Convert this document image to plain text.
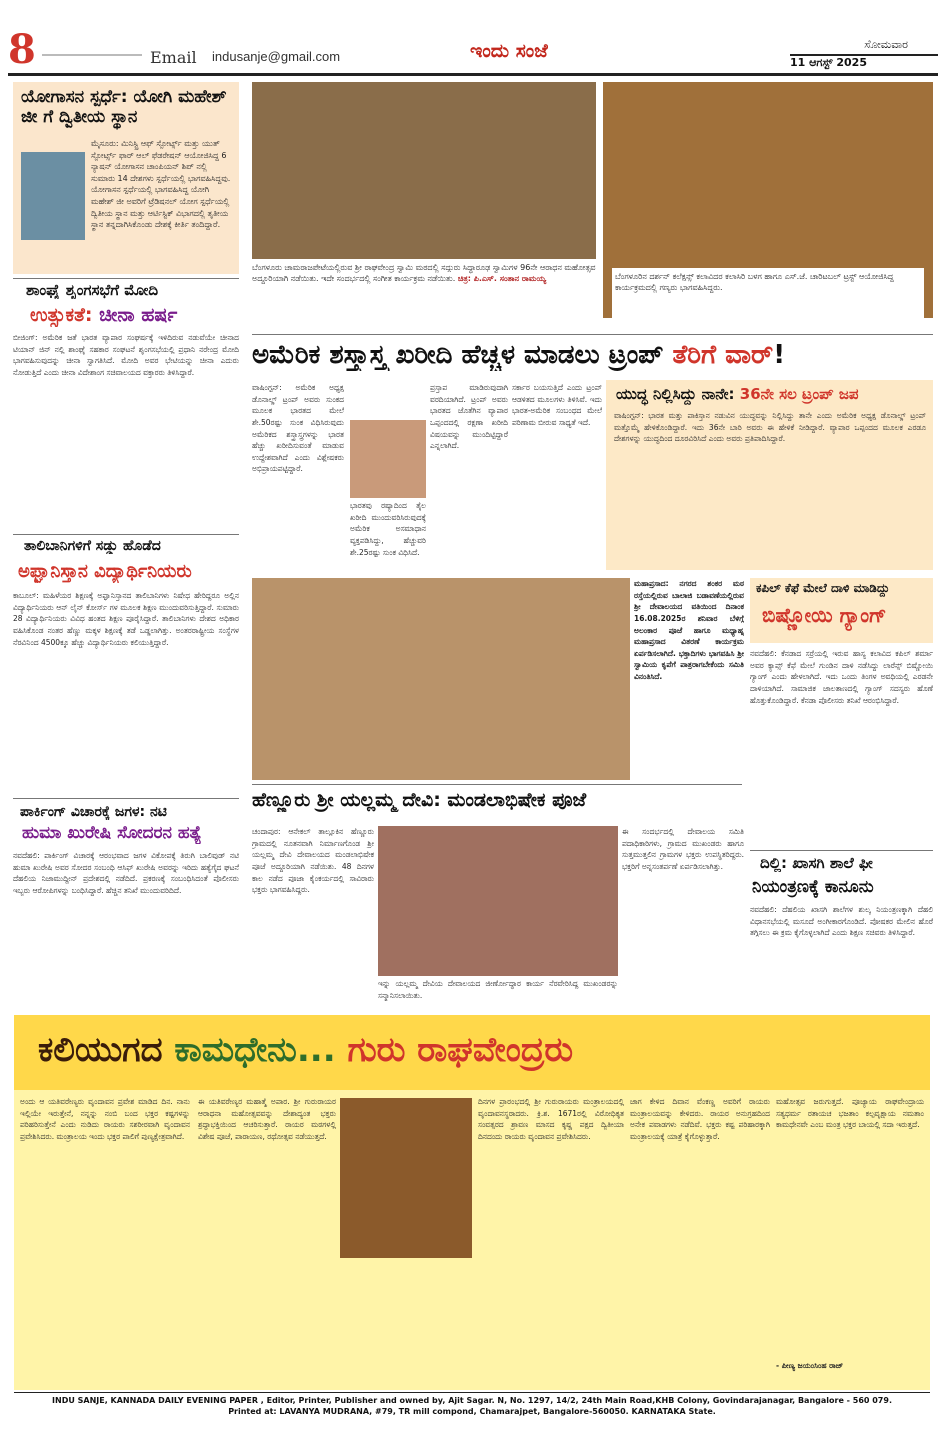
8	Email indusanje@gmail.com	ಇಂದು ಸಂಜೆ	ಸೋಮವಾರ
11 ಆಗಸ್ಟ್ 2025
ಯೋಗಾಸನ ಸ್ಪರ್ಧೆ: ಯೋಗಿ ಮಹೇಶ್ ಜೀ ಗೆ ದ್ವಿತೀಯ ಸ್ಥಾನ
ಮೈಸೂರು: ಮಿನಿಸ್ಟ್ರಿ ಆಫ್ ಸ್ಪೋರ್ಟ್ಸ್ ಮತ್ತು ಯುತ್ ಸ್ಪೋರ್ಟ್ಸ್ ಫಾರ್ ಆಲ್ ಫೆಡರೇಷನ್ ಆಯೋಜಿಸಿದ್ದ 6 ನ್ಯಾಷನ್ ಯೋಗಾಸನ ಚಾಂಪಿಯನ್ ಶಿಪ್ ನಲ್ಲಿ ಸುಮಾರು 14 ದೇಶಗಳು ಸ್ಪರ್ಧೆಯಲ್ಲಿ ಭಾಗವಹಿಸಿದ್ದವು. ಯೋಗಾಸನ ಸ್ಪರ್ಧೆಯಲ್ಲಿ ಭಾಗವಹಿಸಿದ್ದ ಯೋಗಿ ಮಹೇಶ್ ಜೀ ಅವರಿಗೆ ಟ್ರೆಡಿಷನಲ್ ಯೋಗ ಸ್ಪರ್ಧೆಯಲ್ಲಿ ದ್ವಿತೀಯ ಸ್ಥಾನ ಮತ್ತು ಆರ್ಟಿಸ್ಟಿಕ್ ವಿಭಾಗದಲ್ಲಿ ತೃತೀಯ ಸ್ಥಾನ ತನ್ನದಾಗಿಸಿಕೊಂಡು ದೇಶಕ್ಕೆ ಕೀರ್ತಿ ತಂದಿದ್ದಾರೆ.
ಬೆಂಗಳೂರು ಚಾಮರಾಜಪೇಟೆಯಲ್ಲಿರುವ ಶ್ರೀ ರಾಘವೇಂದ್ರ ಸ್ವಾಮಿ ಮಠದಲ್ಲಿ ಸದ್ಗುರು ಸಿದ್ಧಾರೂಢ ಸ್ವಾಮಿಗಳ 96ನೇ ಆರಾಧನ ಮಹೋತ್ಸವ ಅದ್ದೂರಿಯಾಗಿ ನಡೆಯಿತು. ಇದೇ ಸಂದರ್ಭದಲ್ಲಿ ಸಂಗೀತ ಕಾರ್ಯಕ್ರಮ ನಡೆಯಿತು. ಚಿತ್ರ: ಪಿ.ಎಸ್. ಸಂತಾನ ರಾಮಯ್ಯ	ಬೆಂಗಳೂರಿನ ದರ್ಶನ್ ಕಲೆಕ್ಷನ್ಸ್ ಕಲಾವಿದರ ಕಲಾಸಿರಿ ಬಳಗ ಹಾಗೂ ಎಸ್.ಜೆ. ಚಾರಿಟಬಲ್ ಟ್ರಸ್ಟ್ ಆಯೋಜಿಸಿದ್ದ ಕಾರ್ಯಕ್ರಮದಲ್ಲಿ ಗಣ್ಯರು ಭಾಗವಹಿಸಿದ್ದರು.
ಶಾಂಘೈ ಶೃಂಗಸಭೆಗೆ ಮೋದಿ
ಉತ್ಸುಕತೆ: ಚೀನಾ ಹರ್ಷ
ಬೀಜಿಂಗ್: ಅಮೆರಿಕ ಜತೆ ಭಾರತ ವ್ಯಾಪಾರ ಸಂಘರ್ಷಕ್ಕೆ ಇಳಿದಿರುವ ನಡುವೆಯೇ ಚೀನಾದ ಟಿಯಾನ್ ಜಿನ್ ನಲ್ಲಿ ಶಾಂಘೈ ಸಹಕಾರ ಸಂಘಟನೆ ಶೃಂಗಸಭೆಯಲ್ಲಿ ಪ್ರಧಾನಿ ನರೇಂದ್ರ ಮೋದಿ ಭಾಗವಹಿಸುವುದನ್ನು ಚೀನಾ ಸ್ವಾಗತಿಸಿದೆ. ಮೋದಿ ಅವರ ಭೇಟಿಯನ್ನು ಚೀನಾ ಎದುರು ನೋಡುತ್ತಿದೆ ಎಂದು ಚೀನಾ ವಿದೇಶಾಂಗ ಸಚಿವಾಲಯದ ವಕ್ತಾರರು ತಿಳಿಸಿದ್ದಾರೆ.
ತಾಲಿಬಾನಿಗಳಿಗೆ ಸಡ್ಡು ಹೊಡೆದ
ಅಫ್ಘಾನಿಸ್ತಾನ ವಿದ್ಯಾರ್ಥಿನಿಯರು
ಕಾಬೂಲ್: ಮಹಿಳೆಯರ ಶಿಕ್ಷಣಕ್ಕೆ ಅಫ್ಘಾನಿಸ್ತಾನದ ತಾಲಿಬಾನಿಗಳು ನಿಷೇಧ ಹೇರಿದ್ದರೂ ಅಲ್ಲಿನ ವಿದ್ಯಾರ್ಥಿನಿಯರು ಆನ್ ಲೈನ್ ಕೋರ್ಸ್ ಗಳ ಮೂಲಕ ಶಿಕ್ಷಣ ಮುಂದುವರಿಸುತ್ತಿದ್ದಾರೆ. ಸುಮಾರು 28 ವಿದ್ಯಾರ್ಥಿನಿಯರು ವಿವಿಧ ಹಂತದ ಶಿಕ್ಷಣ ಪೂರೈಸಿದ್ದಾರೆ. ತಾಲಿಬಾನಿಗಳು ದೇಶದ ಅಧಿಕಾರ ವಹಿಸಿಕೊಂಡ ನಂತರ ಹೆಣ್ಣು ಮಕ್ಕಳ ಶಿಕ್ಷಣಕ್ಕೆ ತಡೆ ಒಡ್ಡಲಾಗಿತ್ತು. ಅಂತರರಾಷ್ಟ್ರೀಯ ಸಂಸ್ಥೆಗಳ ನೆರವಿನಿಂದ 4500ಕ್ಕೂ ಹೆಚ್ಚು ವಿದ್ಯಾರ್ಥಿನಿಯರು ಕಲಿಯುತ್ತಿದ್ದಾರೆ.
ಪಾರ್ಕಿಂಗ್ ವಿಚಾರಕ್ಕೆ ಜಗಳ: ನಟಿ
ಹುಮಾ ಖುರೇಷಿ ಸೋದರನ ಹತ್ಯೆ
ನವದೆಹಲಿ: ಪಾರ್ಕಿಂಗ್ ವಿಚಾರಕ್ಕೆ ಆರಂಭವಾದ ಜಗಳ ವಿಕೋಪಕ್ಕೆ ತಿರುಗಿ ಬಾಲಿವುಡ್ ನಟಿ ಹುಮಾ ಖುರೇಷಿ ಅವರ ಸೋದರ ಸಂಬಂಧಿ ಆಸಿಫ್ ಖುರೇಷಿ ಅವರನ್ನು ಇರಿದು ಹತ್ಯೆಗೈದ ಘಟನೆ ದೆಹಲಿಯ ನಿಜಾಮುದ್ದೀನ್ ಪ್ರದೇಶದಲ್ಲಿ ನಡೆದಿದೆ. ಪ್ರಕರಣಕ್ಕೆ ಸಂಬಂಧಿಸಿದಂತೆ ಪೊಲೀಸರು ಇಬ್ಬರು ಆರೋಪಿಗಳನ್ನು ಬಂಧಿಸಿದ್ದಾರೆ. ಹೆಚ್ಚಿನ ತನಿಖೆ ಮುಂದುವರಿದಿದೆ.
ಅಮೆರಿಕ ಶಸ್ತ್ರಾಸ್ತ್ರ ಖರೀದಿ ಹೆಚ್ಚಳ ಮಾಡಲು ಟ್ರಂಪ್ ತೆರಿಗೆ ವಾರ್!
ವಾಷಿಂಗ್ಟನ್: ಅಮೆರಿಕ ಅಧ್ಯಕ್ಷ ಡೊನಾಲ್ಡ್ ಟ್ರಂಪ್ ಅವರು ಸುಂಕದ ಮೂಲಕ ಭಾರತದ ಮೇಲೆ ಶೇ.50ರಷ್ಟು ಸುಂಕ ವಿಧಿಸಿರುವುದು ಅಮೆರಿಕದ ಶಸ್ತ್ರಾಸ್ತ್ರಗಳನ್ನು ಭಾರತ ಹೆಚ್ಚು ಖರೀದಿಸುವಂತೆ ಮಾಡುವ ಉದ್ದೇಶವಾಗಿದೆ ಎಂದು ವಿಶ್ಲೇಷಕರು ಅಭಿಪ್ರಾಯಪಟ್ಟಿದ್ದಾರೆ.
ಪ್ರಸ್ತಾಪ ಮಾಡಿರುವುದಾಗಿ ವರದಿಯಾಗಿದೆ. ಟ್ರಂಪ್ ಅವರು ಭಾರತದ ಜೊತೆಗಿನ ವ್ಯಾಪಾರ ಒಪ್ಪಂದದಲ್ಲಿ ರಕ್ಷಣಾ ಖರೀದಿ ವಿಷಯವನ್ನು ಮುಂದಿಟ್ಟಿದ್ದಾರೆ ಎನ್ನಲಾಗಿದೆ.
ಭಾರತವು ರಷ್ಯಾದಿಂದ ತೈಲ ಖರೀದಿ ಮುಂದುವರಿಸಿರುವುದಕ್ಕೆ ಅಮೆರಿಕ ಅಸಮಾಧಾನ ವ್ಯಕ್ತಪಡಿಸಿದ್ದು, ಹೆಚ್ಚುವರಿ ಶೇ.25ರಷ್ಟು ಸುಂಕ ವಿಧಿಸಿದೆ.
ಸರ್ಕಾರ ಬಯಸುತ್ತಿದೆ ಎಂದು ಟ್ರಂಪ್ ಆಡಳಿತದ ಮೂಲಗಳು ತಿಳಿಸಿವೆ. ಇದು ಭಾರತ-ಅಮೆರಿಕ ಸಂಬಂಧದ ಮೇಲೆ ಪರಿಣಾಮ ಬೀರುವ ಸಾಧ್ಯತೆ ಇದೆ.
ಯುದ್ಧ ನಿಲ್ಲಿಸಿದ್ದು ನಾನೇ: 36ನೇ ಸಲ ಟ್ರಂಪ್ ಜಪ
ವಾಷಿಂಗ್ಟನ್: ಭಾರತ ಮತ್ತು ಪಾಕಿಸ್ತಾನ ನಡುವಿನ ಯುದ್ಧವನ್ನು ನಿಲ್ಲಿಸಿದ್ದು ತಾನೇ ಎಂದು ಅಮೆರಿಕ ಅಧ್ಯಕ್ಷ ಡೊನಾಲ್ಡ್ ಟ್ರಂಪ್ ಮತ್ತೊಮ್ಮೆ ಹೇಳಿಕೊಂಡಿದ್ದಾರೆ. ಇದು 36ನೇ ಬಾರಿ ಅವರು ಈ ಹೇಳಿಕೆ ನೀಡಿದ್ದಾರೆ. ವ್ಯಾಪಾರ ಒಪ್ಪಂದದ ಮೂಲಕ ಎರಡೂ ದೇಶಗಳನ್ನು ಯುದ್ಧದಿಂದ ದೂರವಿರಿಸಿದೆ ಎಂದು ಅವರು ಪ್ರತಿಪಾದಿಸಿದ್ದಾರೆ.
ಮಹಾಪ್ರಸಾದ: ನಗರದ ಶಂಕರ ಮಠ ರಸ್ತೆಯಲ್ಲಿರುವ ಬಾಲಾಜಿ ಬಡಾವಣೆಯಲ್ಲಿರುವ ಶ್ರೀ ದೇವಾಲಯದ ವತಿಯಿಂದ ದಿನಾಂಕ 16.08.2025ರ ಶನಿವಾರ ಬೆಳಿಗ್ಗೆ ಅಲಂಕಾರ ಪೂಜೆ ಹಾಗೂ ಮಧ್ಯಾಹ್ನ ಮಹಾಪ್ರಸಾದ ವಿತರಣೆ ಕಾರ್ಯಕ್ರಮ ಏರ್ಪಡಿಸಲಾಗಿದೆ. ಭಕ್ತಾದಿಗಳು ಭಾಗವಹಿಸಿ ಶ್ರೀ ಸ್ವಾಮಿಯ ಕೃಪೆಗೆ ಪಾತ್ರರಾಗಬೇಕೆಂದು ಸಮಿತಿ ವಿನಂತಿಸಿದೆ.
ಕಪಿಲ್ ಕೆಫೆ ಮೇಲೆ ದಾಳಿ ಮಾಡಿದ್ದು
ಬಿಷ್ಣೋಯಿ ಗ್ಯಾಂಗ್
ನವದೆಹಲಿ: ಕೆನಡಾದ ಸರ್ರೆಯಲ್ಲಿ ಇರುವ ಹಾಸ್ಯ ಕಲಾವಿದ ಕಪಿಲ್ ಶರ್ಮಾ ಅವರ ಕ್ಯಾಪ್ಸ್ ಕೆಫೆ ಮೇಲೆ ಗುಂಡಿನ ದಾಳಿ ನಡೆಸಿದ್ದು ಲಾರೆನ್ಸ್ ಬಿಷ್ಣೋಯಿ ಗ್ಯಾಂಗ್ ಎಂದು ಹೇಳಲಾಗಿದೆ. ಇದು ಒಂದು ತಿಂಗಳ ಅವಧಿಯಲ್ಲಿ ಎರಡನೇ ದಾಳಿಯಾಗಿದೆ. ಸಾಮಾಜಿಕ ಜಾಲತಾಣದಲ್ಲಿ ಗ್ಯಾಂಗ್ ಸದಸ್ಯರು ಹೊಣೆ ಹೊತ್ತುಕೊಂಡಿದ್ದಾರೆ. ಕೆನಡಾ ಪೊಲೀಸರು ತನಿಖೆ ಆರಂಭಿಸಿದ್ದಾರೆ.
ದಿಲ್ಲಿ: ಖಾಸಗಿ ಶಾಲೆ ಫೀ
ನಿಯಂತ್ರಣಕ್ಕೆ ಕಾನೂನು
ನವದೆಹಲಿ: ದೆಹಲಿಯ ಖಾಸಗಿ ಶಾಲೆಗಳ ಶುಲ್ಕ ನಿಯಂತ್ರಣಕ್ಕಾಗಿ ದೆಹಲಿ ವಿಧಾನಸಭೆಯಲ್ಲಿ ಮಸೂದೆ ಅಂಗೀಕಾರಗೊಂಡಿದೆ. ಪೋಷಕರ ಮೇಲಿನ ಹೊರೆ ತಗ್ಗಿಸಲು ಈ ಕ್ರಮ ಕೈಗೊಳ್ಳಲಾಗಿದೆ ಎಂದು ಶಿಕ್ಷಣ ಸಚಿವರು ತಿಳಿಸಿದ್ದಾರೆ.
ಹೆಣ್ಣೂರು ಶ್ರೀ ಯಲ್ಲಮ್ಮ ದೇವಿ: ಮಂಡಲಾಭಿಷೇಕ ಪೂಜೆ
ಚಂದಾಪುರ: ಆನೇಕಲ್ ತಾಲ್ಲೂಕಿನ ಹೆಣ್ಣೂರು ಗ್ರಾಮದಲ್ಲಿ ನೂತನವಾಗಿ ನಿರ್ಮಾಣಗೊಂಡ ಶ್ರೀ ಯಲ್ಲಮ್ಮ ದೇವಿ ದೇವಾಲಯದ ಮಂಡಲಾಭಿಷೇಕ ಪೂಜೆ ಅದ್ದೂರಿಯಾಗಿ ನಡೆಯಿತು. 48 ದಿನಗಳ ಕಾಲ ನಡೆದ ಪೂಜಾ ಕೈಂಕರ್ಯದಲ್ಲಿ ಸಾವಿರಾರು ಭಕ್ತರು ಭಾಗವಹಿಸಿದ್ದರು.
ಇನ್ನು ಯಲ್ಲಮ್ಮ ದೇವಿಯ ದೇವಾಲಯದ ಜೀರ್ಣೋದ್ಧಾರ ಕಾರ್ಯ ನೆರವೇರಿಸಿದ್ದ ಮುಖಂಡರನ್ನು ಸನ್ಮಾನಿಸಲಾಯಿತು.
ಈ ಸಂದರ್ಭದಲ್ಲಿ ದೇವಾಲಯ ಸಮಿತಿ ಪದಾಧಿಕಾರಿಗಳು, ಗ್ರಾಮದ ಮುಖಂಡರು ಹಾಗೂ ಸುತ್ತಮುತ್ತಲಿನ ಗ್ರಾಮಗಳ ಭಕ್ತರು ಉಪಸ್ಥಿತರಿದ್ದರು. ಭಕ್ತರಿಗೆ ಅನ್ನಸಂತರ್ಪಣೆ ಏರ್ಪಡಿಸಲಾಗಿತ್ತು.
ಕಲಿಯುಗದ ಕಾಮಧೇನು... ಗುರು ರಾಘವೇಂದ್ರರು
ಅಂದು ಆ ಯತಿವರೇಣ್ಯರು ವೃಂದಾವನ ಪ್ರವೇಶ ಮಾಡಿದ ದಿನ. ನಾನು ಇಲ್ಲಿಯೇ ಇರುತ್ತೇನೆ, ನನ್ನನ್ನು ನಂಬಿ ಬಂದ ಭಕ್ತರ ಕಷ್ಟಗಳನ್ನು ಪರಿಹರಿಸುತ್ತೇನೆ ಎಂದು ನುಡಿದು ರಾಯರು ಸಶರೀರವಾಗಿ ವೃಂದಾವನ ಪ್ರವೇಶಿಸಿದರು. ಮಂತ್ರಾಲಯ ಇಂದು ಭಕ್ತರ ಪಾಲಿಗೆ ಪುಣ್ಯಕ್ಷೇತ್ರವಾಗಿದೆ.
ಈ ಯತಿವರೇಣ್ಯರ ಮಹಾತ್ಮೆ ಅಪಾರ. ಶ್ರೀ ಗುರುರಾಯರ ಆರಾಧನಾ ಮಹೋತ್ಸವವನ್ನು ದೇಶಾದ್ಯಂತ ಭಕ್ತರು ಶ್ರದ್ಧಾಭಕ್ತಿಯಿಂದ ಆಚರಿಸುತ್ತಾರೆ. ರಾಯರ ಮಠಗಳಲ್ಲಿ ವಿಶೇಷ ಪೂಜೆ, ಪಾರಾಯಣ, ರಥೋತ್ಸವ ನಡೆಯುತ್ತದೆ.
ದಿನಗಳ ಪ್ರಾರಂಭದಲ್ಲಿ ಶ್ರೀ ಗುರುರಾಯರು ಮಂತ್ರಾಲಯದಲ್ಲಿ ವೃಂದಾವನಸ್ಥರಾದರು. ಕ್ರಿ.ಶ. 1671ರಲ್ಲಿ ವಿರೋಧಿಕೃತ ಸಂವತ್ಸರದ ಶ್ರಾವಣ ಮಾಸದ ಕೃಷ್ಣ ಪಕ್ಷದ ದ್ವಿತೀಯಾ ದಿನದಂದು ರಾಯರು ವೃಂದಾವನ ಪ್ರವೇಶಿಸಿದರು.
ಜಾಗ ಕೇಳಿದ ದಿವಾನ ವೆಂಕಣ್ಣ ಅವರಿಗೆ ರಾಯರು ಮಂತ್ರಾಲಯವನ್ನು ಕೇಳಿದರು. ರಾಯರ ಅನುಗ್ರಹದಿಂದ ಅನೇಕ ಪವಾಡಗಳು ನಡೆದಿವೆ. ಭಕ್ತರು ಕಷ್ಟ ಪರಿಹಾರಕ್ಕಾಗಿ ಮಂತ್ರಾಲಯಕ್ಕೆ ಯಾತ್ರೆ ಕೈಗೊಳ್ಳುತ್ತಾರೆ.
ಮಹೋತ್ಸವ ಜರುಗುತ್ತದೆ. ಪೂಜ್ಯಾಯ ರಾಘವೇಂದ್ರಾಯ ಸತ್ಯಧರ್ಮ ರತಾಯಚ ಭಜತಾಂ ಕಲ್ಪವೃಕ್ಷಾಯ ನಮತಾಂ ಕಾಮಧೇನವೇ ಎಂಬ ಮಂತ್ರ ಭಕ್ತರ ಬಾಯಲ್ಲಿ ಸದಾ ಇರುತ್ತದೆ.
- ಪೀಣ್ಯ ಜಯಂಸಿಂಹ ರಾಜ್
INDU SANJE, KANNADA DAILY EVENING PAPER , Editor, Printer, Publisher and owned by, Ajit Sagar. N, No. 1297, 14/2, 24th Main Road,KHB Colony, Govindarajanagar, Bangalore - 560 079.
Printed at: LAVANYA MUDRANA, #79, TR mill compond, Chamarajpet, Bangalore-560050. KARNATAKA State.
